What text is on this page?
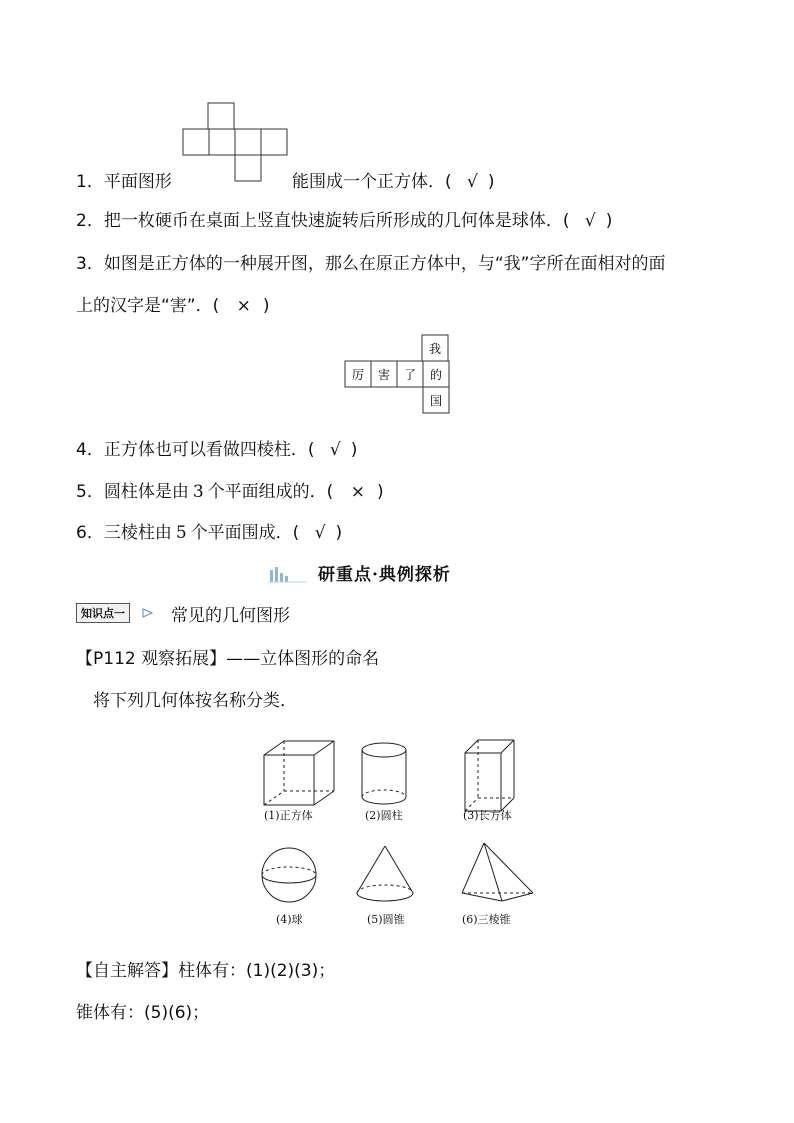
1．平面图形	能围成一个正方体．( √ )
2．把一枚硬币在桌面上竖直快速旋转后所形成的几何体是球体．( √ )
3．如图是正方体的一种展开图，那么在原正方体中，与“我”字所在面相对的面
上的汉字是“害”．( × )
我
厉 害 了 的
国
4．正方体也可以看做四棱柱．( √ )
5．圆柱体是由 3 个平面组成的．( × )
6．三棱柱由 5 个平面围成．( √ )
研重点·典例探析
知识点一	常见的几何图形
【P112 观察拓展】——立体图形的命名
将下列几何体按名称分类．
(1)正方体	(2)圆柱	(3)长方体
(4)球	(5)圆锥	(6)三棱锥
【自主解答】柱体有：(1)(2)(3)；
锥体有：(5)(6)；
